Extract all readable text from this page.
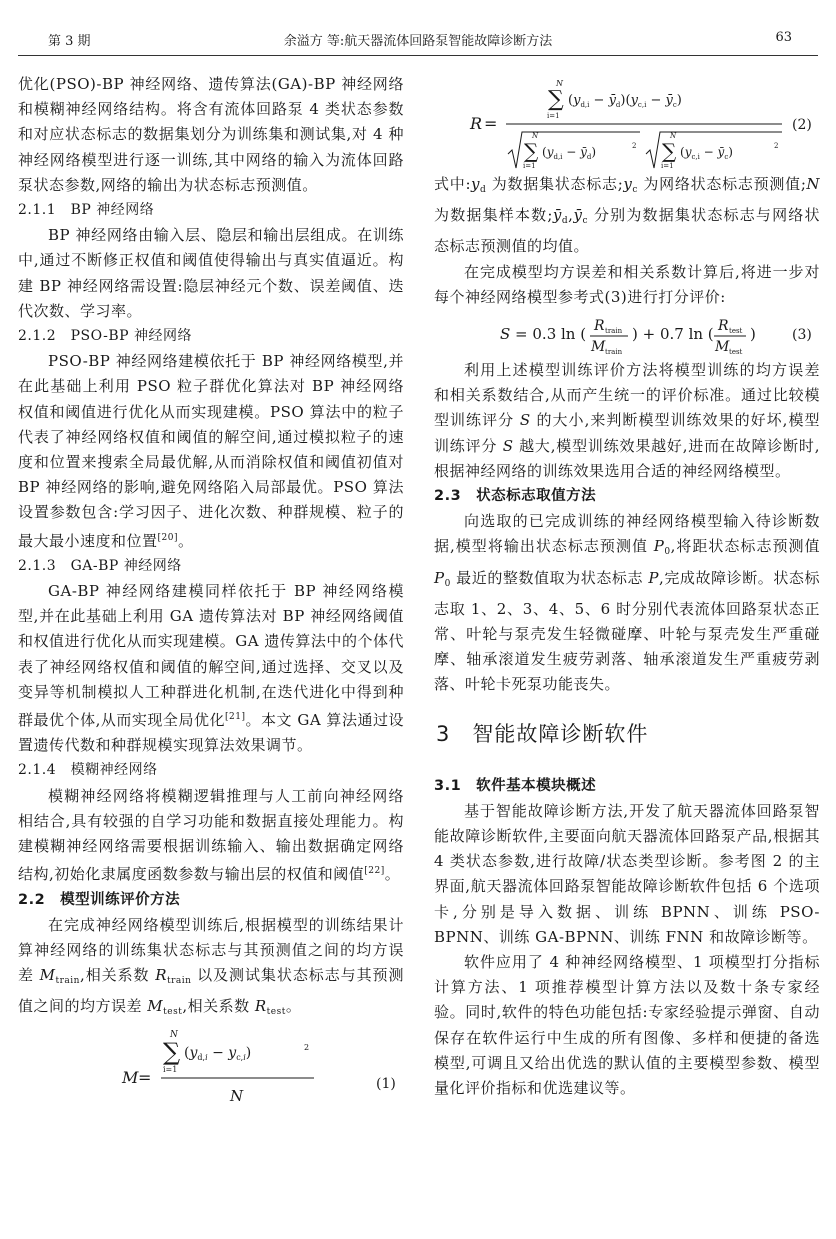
第 3 期	余溢方 等:航天器流体回路泵智能故障诊断方法	63

优化(PSO)-BP 神经网络、遗传算法(GA)-BP 神经网络和模糊神经网络结构。将含有流体回路泵 4 类状态参数和对应状态标志的数据集划分为训练集和测试集,对 4 种神经网络模型进行逐一训练,其中网络的输入为流体回路泵状态参数,网络的输出为状态标志预测值。

2.1.1　BP 神经网络

BP 神经网络由输入层、隐层和输出层组成。在训练中,通过不断修正权值和阈值使得输出与真实值逼近。构建 BP 神经网络需设置:隐层神经元个数、误差阈值、迭代次数、学习率。

2.1.2　PSO-BP 神经网络

PSO-BP 神经网络建模依托于 BP 神经网络模型,并在此基础上利用 PSO 粒子群优化算法对 BP 神经网络权值和阈值进行优化从而实现建模。PSO 算法中的粒子代表了神经网络权值和阈值的解空间,通过模拟粒子的速度和位置来搜索全局最优解,从而消除权值和阈值初值对 BP 神经网络的影响,避免网络陷入局部最优。PSO 算法设置参数包含:学习因子、进化次数、种群规模、粒子的最大最小速度和位置[20]。

2.1.3　GA-BP 神经网络

GA-BP 神经网络建模同样依托于 BP 神经网络模型,并在此基础上利用 GA 遗传算法对 BP 神经网络阈值和权值进行优化从而实现建模。GA 遗传算法中的个体代表了神经网络权值和阈值的解空间,通过选择、交叉以及变异等机制模拟人工种群进化机制,在迭代进化中得到种群最优个体,从而实现全局优化[21]。本文 GA 算法通过设置遗传代数和种群规模实现算法效果调节。

2.1.4　模糊神经网络

模糊神经网络将模糊逻辑推理与人工前向神经网络相结合,具有较强的自学习功能和数据直接处理能力。构建模糊神经网络需要根据训练输入、输出数据确定网络结构,初始化隶属度函数参数与输出层的权值和阈值[22]。

2.2　模型训练评价方法

在完成神经网络模型训练后,根据模型的训练结果计算神经网络的训练集状态标志与其预测值之间的均方误差 $M_{train}$,相关系数 $R_{train}$ 以及测试集状态标志与其预测值之间的均方误差 $M_{test}$,相关系数 $R_{test}$。

M =
N
∑
i=1
$(y_d,i - y_c,i)$	2
N
(1)
R =
N
∑
i=1
($y_{d,i}$ − $ȳ_d)(y_{c,i}$ − $ȳ_c$)
N
∑
i=1
($y_{d,i}$ − $ȳ_d$)	2
N
∑
i=1
($y_{c,i}$ − $ȳ_c$)	2
(2)

式中$:y_d$ 为数据集状态标志$;y_c$ 为网络状态标志预测值;N 为数据集样本数$;ȳ_d,ȳ_c$ 分别为数据集状态标志与网络状态标志预测值的均值。

在完成模型均方误差和相关系数计算后,将进一步对每个神经网络模型参考式(3)进行打分评价:

S = 0.3 ln ( R train
M train
) + 0.7 ln ( R test
M test
)	(3)

利用上述模型训练评价方法将模型训练的均方误差和相关系数结合,从而产生统一的评价标准。通过比较模型训练评分 S 的大小,来判断模型训练效果的好坏,模型训练评分 S 越大,模型训练效果越好,进而在故障诊断时,根据神经网络的训练效果选用合适的神经网络模型。

2.3　状态标志取值方法

向选取的已完成训练的神经网络模型输入待诊断数据,模型将输出状态标志预测值 $P_0$,将距状态标志预测值 $P_0$ 最近的整数值取为状态标志 P,完成故障诊断。状态标志取 1、2、3、4、5、6 时分别代表流体回路泵状态正常、叶轮与泵壳发生轻微碰摩、叶轮与泵壳发生严重碰摩、轴承滚道发生疲劳剥落、轴承滚道发生严重疲劳剥落、叶轮卡死泵功能丧失。

3　智能故障诊断软件

3.1　软件基本模块概述

基于智能故障诊断方法,开发了航天器流体回路泵智能故障诊断软件,主要面向航天器流体回路泵产品,根据其 4 类状态参数,进行故障/状态类型诊断。参考图 2 的主界面,航天器流体回路泵智能故障诊断软件包括 6 个选项卡,分别是导入数据、训练 BPNN、训练 PSO-BPNN、训练 GA-BPNN、训练 FNN 和故障诊断等。

软件应用了 4 种神经网络模型、1 项模型打分指标计算方法、1 项推荐模型计算方法以及数十条专家经验。同时,软件的特色功能包括:专家经验提示弹窗、自动保存在软件运行中生成的所有图像、多样和便捷的备选模型,可调且又给出优选的默认值的主要模型参数、模型量化评价指标和优选建议等。
